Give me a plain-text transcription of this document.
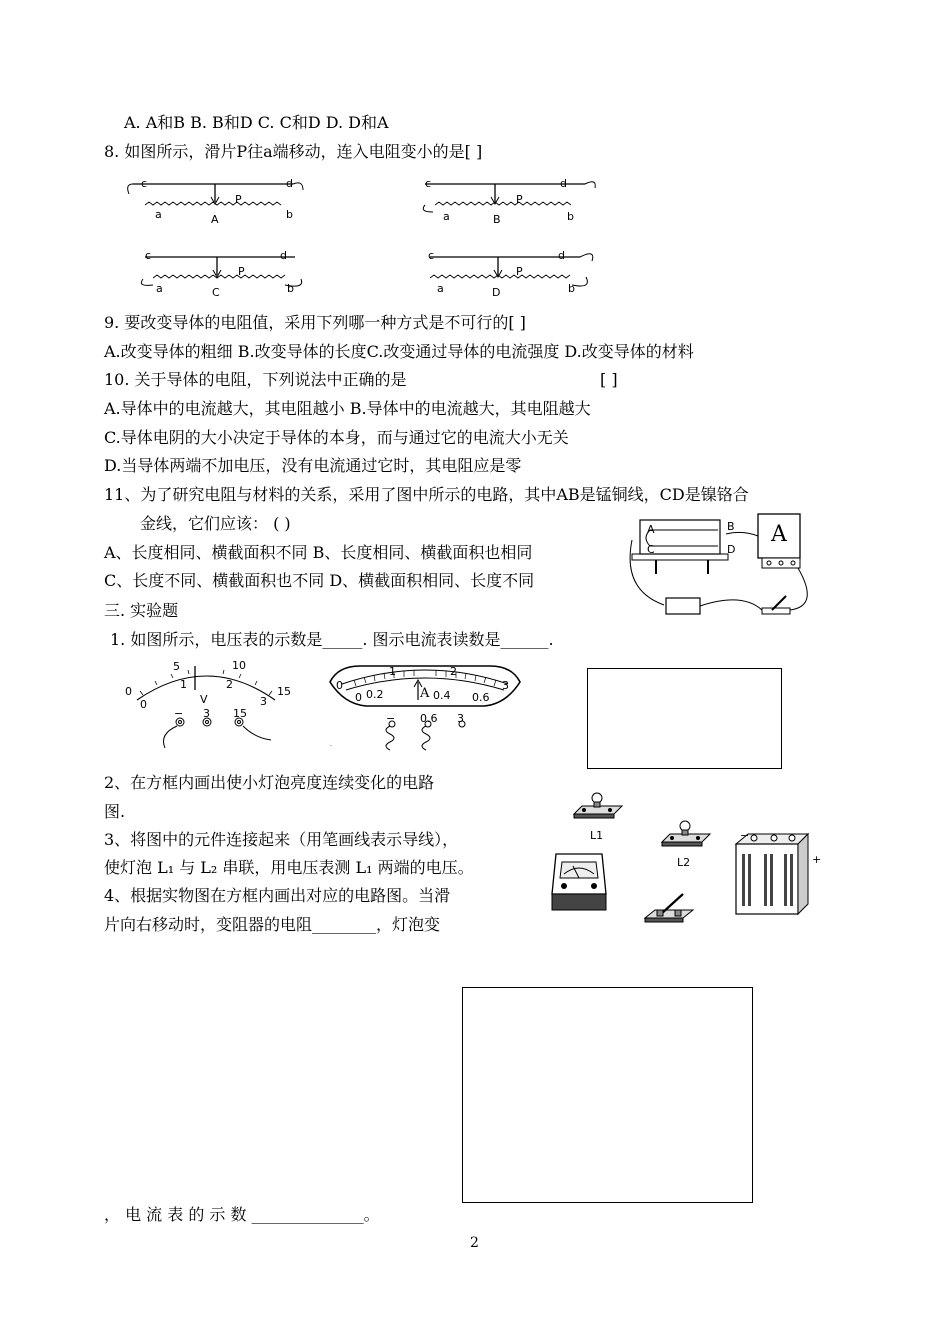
A. A和B B. B和D C. C和D D. D和A
8. 如图所示，滑片P往a端移动，连入电阻变小的是[ ]
c	d
a	b
P
A
c	d
a	b
P
B
c	d
a	b
P
C
c	d
a	b
P
D
9. 要改变导体的电阻值，采用下列哪一种方式是不可行的[ ]
A.改变导体的粗细 B.改变导体的长度C.改变通过导体的电流强度 D.改变导体的材料
10. 关于导体的电阻，下列说法中正确的是	[ ]
A.导体中的电流越大，其电阻越小 B.导体中的电流越大，其电阻越大
C.导体电阴的大小决定于导体的本身，而与通过它的电流大小无关
D.当导体两端不加电压，没有电流通过它时，其电阻应是零
11、为了研究电阻与材料的关系，采用了图中所示的电路，其中AB是锰铜线，CD是镍铬合
金线，它们应该： ( )
A、长度相同、横截面积不同 B、长度相同、横截面积也相同
C、长度不同、横截面积也不同 D、横截面积相同、长度不同
A	B
C	D
A
三. 实验题
1. 如图所示，电压表的示数是_____. 图示电流表读数是______.
5	10
0	15
0
1	2
3
V
− 3 15
.
0
1	2
3
0 0.2	A 0.4 0.6
− 0.6 3
2、在方框内画出使小灯泡亮度连续变化的电路
图.
3、将图中的元件连接起来（用笔画线表示导线），
使灯泡 L₁ 与 L₂ 串联，用电压表测 L₁ 两端的电压。
4、根据实物图在方框内画出对应的电路图。当滑
片向右移动时，变阻器的电阻________，灯泡变
L1
L2
−
+
， 电 流 表 的 示 数 ______________。
2
